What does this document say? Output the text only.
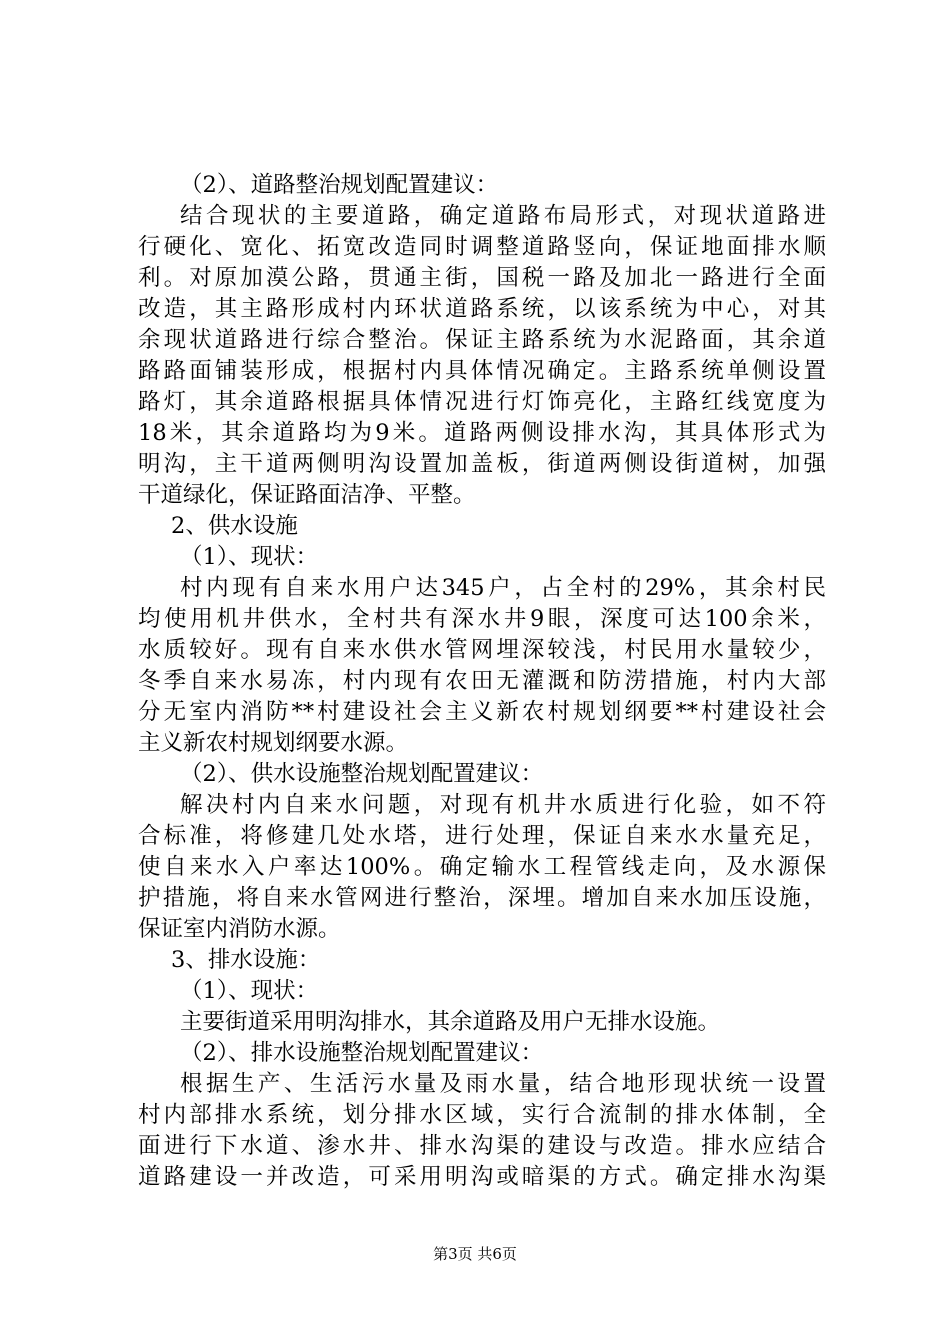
（2）、道路整治规划配置建议：
结合现状的主要道路，确定道路布局形式，对现状道路进
行硬化、宽化、拓宽改造同时调整道路竖向，保证地面排水顺
利。对原加漠公路，贯通主街，国税一路及加北一路进行全面
改造，其主路形成村内环状道路系统，以该系统为中心，对其
余现状道路进行综合整治。保证主路系统为水泥路面，其余道
路路面铺装形成，根据村内具体情况确定。主路系统单侧设置
路灯，其余道路根据具体情况进行灯饰亮化，主路红线宽度为
18米，其余道路均为9米。道路两侧设排水沟，其具体形式为
明沟，主干道两侧明沟设置加盖板，街道两侧设街道树，加强
干道绿化，保证路面洁净、平整。
2、供水设施
（1）、现状：
村内现有自来水用户达345户，占全村的29%，其余村民
均使用机井供水，全村共有深水井9眼，深度可达100余米，
水质较好。现有自来水供水管网埋深较浅，村民用水量较少，
冬季自来水易冻，村内现有农田无灌溉和防涝措施，村内大部
分无室内消防**村建设社会主义新农村规划纲要**村建设社会
主义新农村规划纲要水源。
（2）、供水设施整治规划配置建议：
解决村内自来水问题，对现有机井水质进行化验，如不符
合标准，将修建几处水塔，进行处理，保证自来水水量充足，
使自来水入户率达100%。确定输水工程管线走向，及水源保
护措施，将自来水管网进行整治，深埋。增加自来水加压设施，
保证室内消防水源。
3、排水设施：
（1）、现状：
主要街道采用明沟排水，其余道路及用户无排水设施。
（2）、排水设施整治规划配置建议：
根据生产、生活污水量及雨水量，结合地形现状统一设置
村内部排水系统，划分排水区域，实行合流制的排水体制，全
面进行下水道、渗水井、排水沟渠的建设与改造。排水应结合
道路建设一并改造，可采用明沟或暗渠的方式。确定排水沟渠
第3页 共6页
